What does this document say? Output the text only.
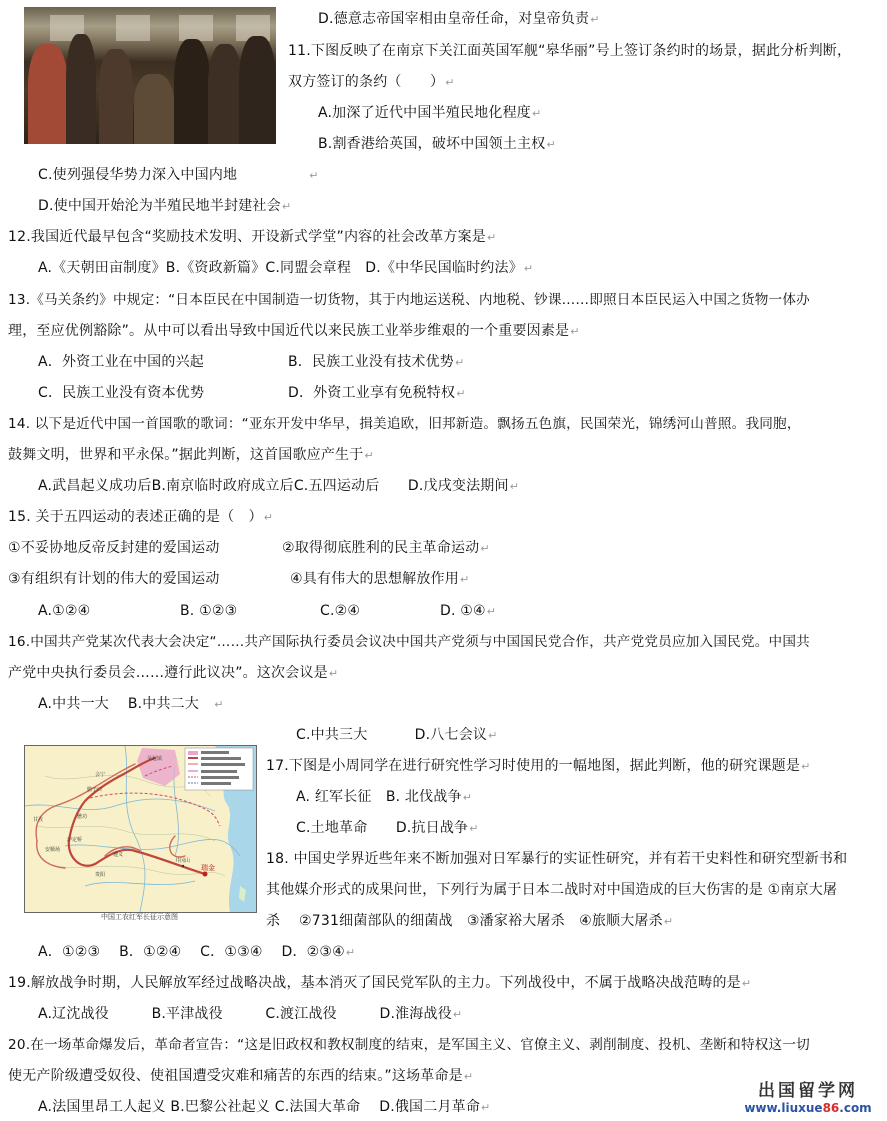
D.德意志帝国宰相由皇帝任命，对皇帝负责↵
11.下图反映了在南京下关江面英国军舰“皋华丽”号上签订条约时的场景，据此分析判断，
双方签订的条约（　　）↵
A.加深了近代中国半殖民地化程度↵
B.割香港给英国，破坏中国领土主权↵
C.使列强侵华势力深入中国内地　　　　　↵
D.使中国开始沦为半殖民地半封建社会↵
12.我国近代最早包含“奖励技术发明、开设新式学堂”内容的社会改革方案是↵
A.《天朝田亩制度》B.《资政新篇》C.同盟会章程　D.《中华民国临时约法》↵
13.《马关条约》中规定：“日本臣民在中国制造一切货物，其于内地运送税、内地税、钞课……即照日本臣民运入中国之货物一体办
理，至应优例豁除”。从中可以看出导致中国近代以来民族工业举步维艰的一个重要因素是↵
A．外资工业在中国的兴起	B．民族工业没有技术优势↵
C．民族工业没有资本优势	D．外资工业享有免税特权↵
14. 以下是近代中国一首国歌的歌词：“亚东开发中华早，揖美追欧，旧邦新造。飘扬五色旗，民国荣光，锦绣河山普照。我同胞，
鼓舞文明，世界和平永保。”据此判断，这首国歌应产生于↵
A.武昌起义成功后B.南京临时政府成立后C.五四运动后　　D.戊戌变法期间↵
15. 关于五四运动的表述正确的是（　）↵
①不妥协地反帝反封建的爱国运动	②取得彻底胜利的民主革命运动↵
③有组织有计划的伟大的爱国运动	④具有伟大的思想解放作用↵
A.①②④	B. ①②③	C.②④	D. ①④↵
16.中国共产党某次代表大会决定“……共产国际执行委员会议决中国共产党须与中国国民党合作，共产党党员应加入国民党。中国共
产党中央执行委员会……遵行此议决”。这次会议是↵
A.中共一大　 B.中共二大　↵
C.中共三大　　　 D.八七会议↵
吴起镇
会宁
腊子口
甘孜	懋功
泸定桥
安顺场
遵义
贵阳
井冈山
瑞金
中国工农红军长征示意图
17.下图是小周同学在进行研究性学习时使用的一幅地图，据此判断，他的研究课题是↵
A. 红军长征　B. 北伐战争↵
C.土地革命　　D.抗日战争↵
18. 中国史学界近些年来不断加强对日军暴行的实证性研究，并有若干史料性和研究型新书和
其他媒介形式的成果问世，下列行为属于日本二战时对中国造成的巨大伤害的是 ①南京大屠
杀　 ②731细菌部队的细菌战　③潘家裕大屠杀　④旅顺大屠杀↵
A．①②③　 B．①②④　 C．①③④　 D．②③④↵
19.解放战争时期，人民解放军经过战略决战，基本消灭了国民党军队的主力。下列战役中，不属于战略决战范畴的是↵
A.辽沈战役　　　B.平津战役　　　C.渡江战役　　　D.淮海战役↵
20.在一场革命爆发后，革命者宣告：“这是旧政权和教权制度的结束，是军国主义、官僚主义、剥削制度、投机、垄断和特权这一切
使无产阶级遭受奴役、使祖国遭受灾难和痛苦的东西的结束。”这场革命是↵
A.法国里昂工人起义 B.巴黎公社起义 C.法国大革命　 D.俄国二月革命↵
出国留学网
www.liuxue86.com
